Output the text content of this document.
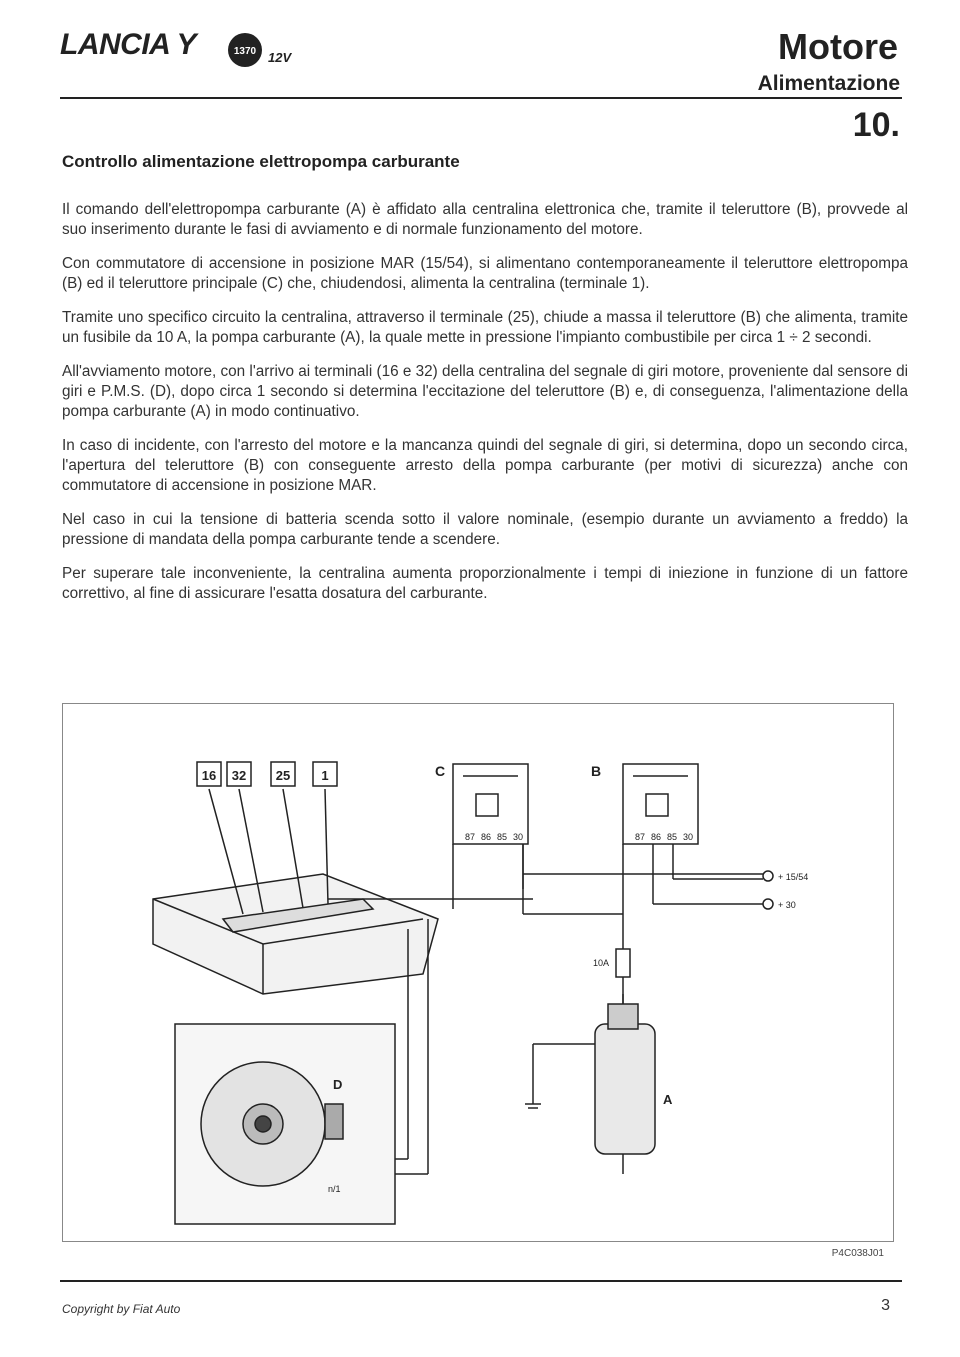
LANCIA Y	1370 12V	Motore
Alimentazione
10.
Controllo alimentazione elettropompa carburante

Il comando dell'elettropompa carburante (A) è affidato alla centralina elettronica che, tramite il teleruttore (B), provvede al suo inserimento durante le fasi di avviamento e di normale funzionamento del motore.

Con commutatore di accensione in posizione MAR (15/54), si alimentano contemporaneamente il teleruttore elettropompa (B) ed il teleruttore principale (C) che, chiudendosi, alimenta la centralina (terminale 1).

Tramite uno specifico circuito la centralina, attraverso il terminale (25), chiude a massa il teleruttore (B) che alimenta, tramite un fusibile da 10 A, la pompa carburante (A), la quale mette in pressione l'impianto combustibile per circa 1 ÷ 2 secondi.

All'avviamento motore, con l'arrivo ai terminali (16 e 32) della centralina del segnale di giri motore, proveniente dal sensore di giri e P.M.S. (D), dopo circa 1 secondo si determina l'eccitazione del teleruttore (B) e, di conseguenza, l'alimentazione della pompa carburante (A) in modo continuativo.

In caso di incidente, con l'arresto del motore e la mancanza quindi del segnale di giri, si determina, dopo un secondo circa, l'apertura del teleruttore (B) con conseguente arresto della pompa carburante (per motivi di sicurezza) anche con commutatore di accensione in posizione MAR.

Nel caso in cui la tensione di batteria scenda sotto il valore nominale, (esempio durante un avviamento a freddo) la pressione di mandata della pompa carburante tende a scendere.

Per superare tale inconveniente, la centralina aumenta proporzionalmente i tempi di iniezione in funzione di un fattore correttivo, al fine di assicurare l'esatta dosatura del carburante.

16 32 25 1	C	B
87 86 85 30	87 86 85 30
+ 15/54
+ 30
10A
A
D
n/1
P4C038J01
Copyright by Fiat Auto	3
